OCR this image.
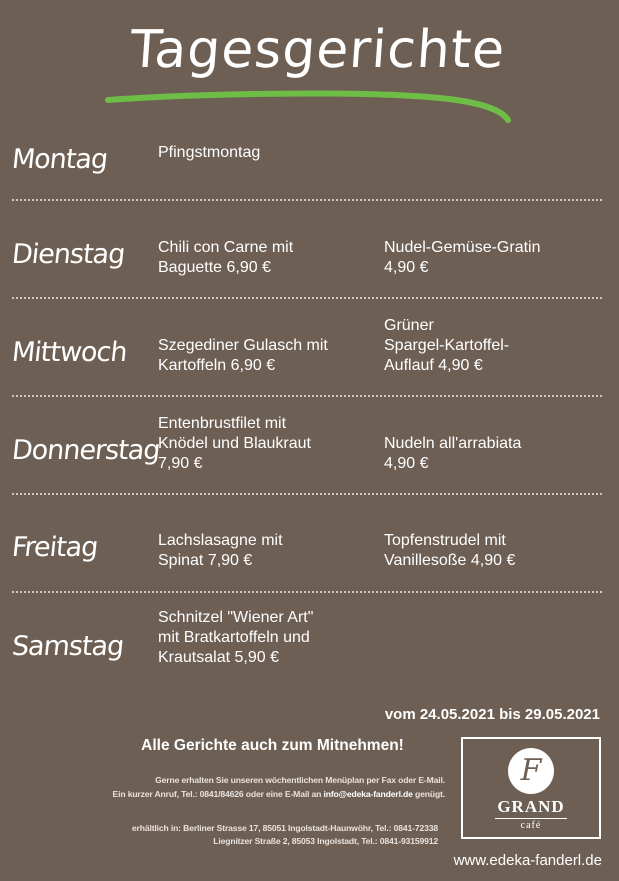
Tagesgerichte
Montag	Pfingstmontag
Dienstag Chili con Carne mit
Baguette 6,90 €
Nudel-Gemüse-Gratin
4,90 €
Mittwoch Szegediner Gulasch mit
Kartoffeln 6,90 €
Grüner
Spargel-Kartoffel-
Auflauf 4,90 €
Donnerstag
Entenbrustfilet mit
Knödel und Blaukraut
7,90 €
Nudeln all'arrabiata
4,90 €
Freitag	Lachslasagne mit
Spinat 7,90 €
Topfenstrudel mit
Vanillesoße 4,90 €
Samstag
Schnitzel "Wiener Art"
mit Bratkartoffeln und
Krautsalat 5,90 €
vom 24.05.2021 bis 29.05.2021
Alle Gerichte auch zum Mitnehmen!
Gerne erhalten Sie unseren wöchentlichen Menüplan per Fax oder E-Mail.
Ein kurzer Anruf, Tel.: 0841/84626 oder eine E-Mail an info@edeka-fanderl.de genügt.
erhältlich in: Berliner Strasse 17, 85051 Ingolstadt-Haunwöhr, Tel.: 0841-72338
Liegnitzer Straße 2, 85053 Ingolstadt, Tel.: 0841-93159912
F
GRAND
café
www.edeka-fanderl.de
